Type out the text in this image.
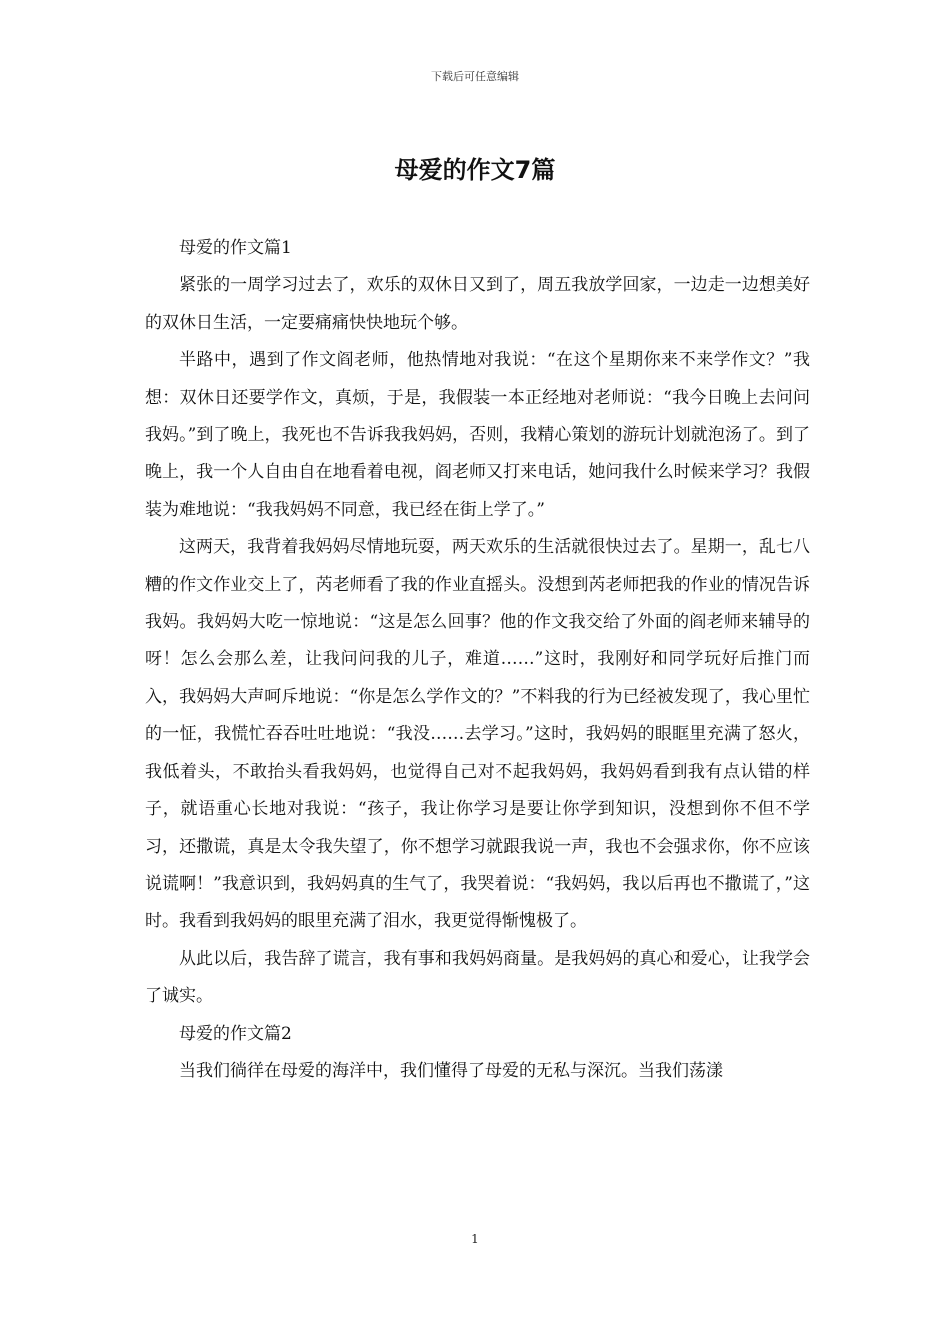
下载后可任意编辑
母爱的作文7篇

母爱的作文篇1

紧张的一周学习过去了，欢乐的双休日又到了，周五我放学回家，一边走一边想美好的双休日生活，一定要痛痛快快地玩个够。

半路中，遇到了作文阎老师，他热情地对我说：“在这个星期你来不来学作文？”我想：双休日还要学作文，真烦，于是，我假装一本正经地对老师说：“我今日晚上去问问我妈。”到了晚上，我死也不告诉我我妈妈，否则，我精心策划的游玩计划就泡汤了。到了晚上，我一个人自由自在地看着电视，阎老师又打来电话，她问我什么时候来学习？我假装为难地说：“我我妈妈不同意，我已经在街上学了。”

这两天，我背着我妈妈尽情地玩耍，两天欢乐的生活就很快过去了。星期一，乱七八糟的作文作业交上了，芮老师看了我的作业直摇头。没想到芮老师把我的作业的情况告诉我妈。我妈妈大吃一惊地说：“这是怎么回事？他的作文我交给了外面的阎老师来辅导的呀！怎么会那么差，让我问问我的儿子，难道……”这时，我刚好和同学玩好后推门而入，我妈妈大声呵斥地说：“你是怎么学作文的？”不料我的行为已经被发现了，我心里忙的一怔，我慌忙吞吞吐吐地说：“我没……去学习。”这时，我妈妈的眼眶里充满了怒火，我低着头，不敢抬头看我妈妈，也觉得自己对不起我妈妈，我妈妈看到我有点认错的样子，就语重心长地对我说：“孩子，我让你学习是要让你学到知识，没想到你不但不学习，还撒谎，真是太令我失望了，你不想学习就跟我说一声，我也不会强求你，你不应该说谎啊！”我意识到，我妈妈真的生气了，我哭着说：“我妈妈，我以后再也不撒谎了，”这时。我看到我妈妈的眼里充满了泪水，我更觉得惭愧极了。

从此以后，我告辞了谎言，我有事和我妈妈商量。是我妈妈的真心和爱心，让我学会了诚实。

母爱的作文篇2

当我们徜徉在母爱的海洋中，我们懂得了母爱的无私与深沉。当我们荡漾

1
